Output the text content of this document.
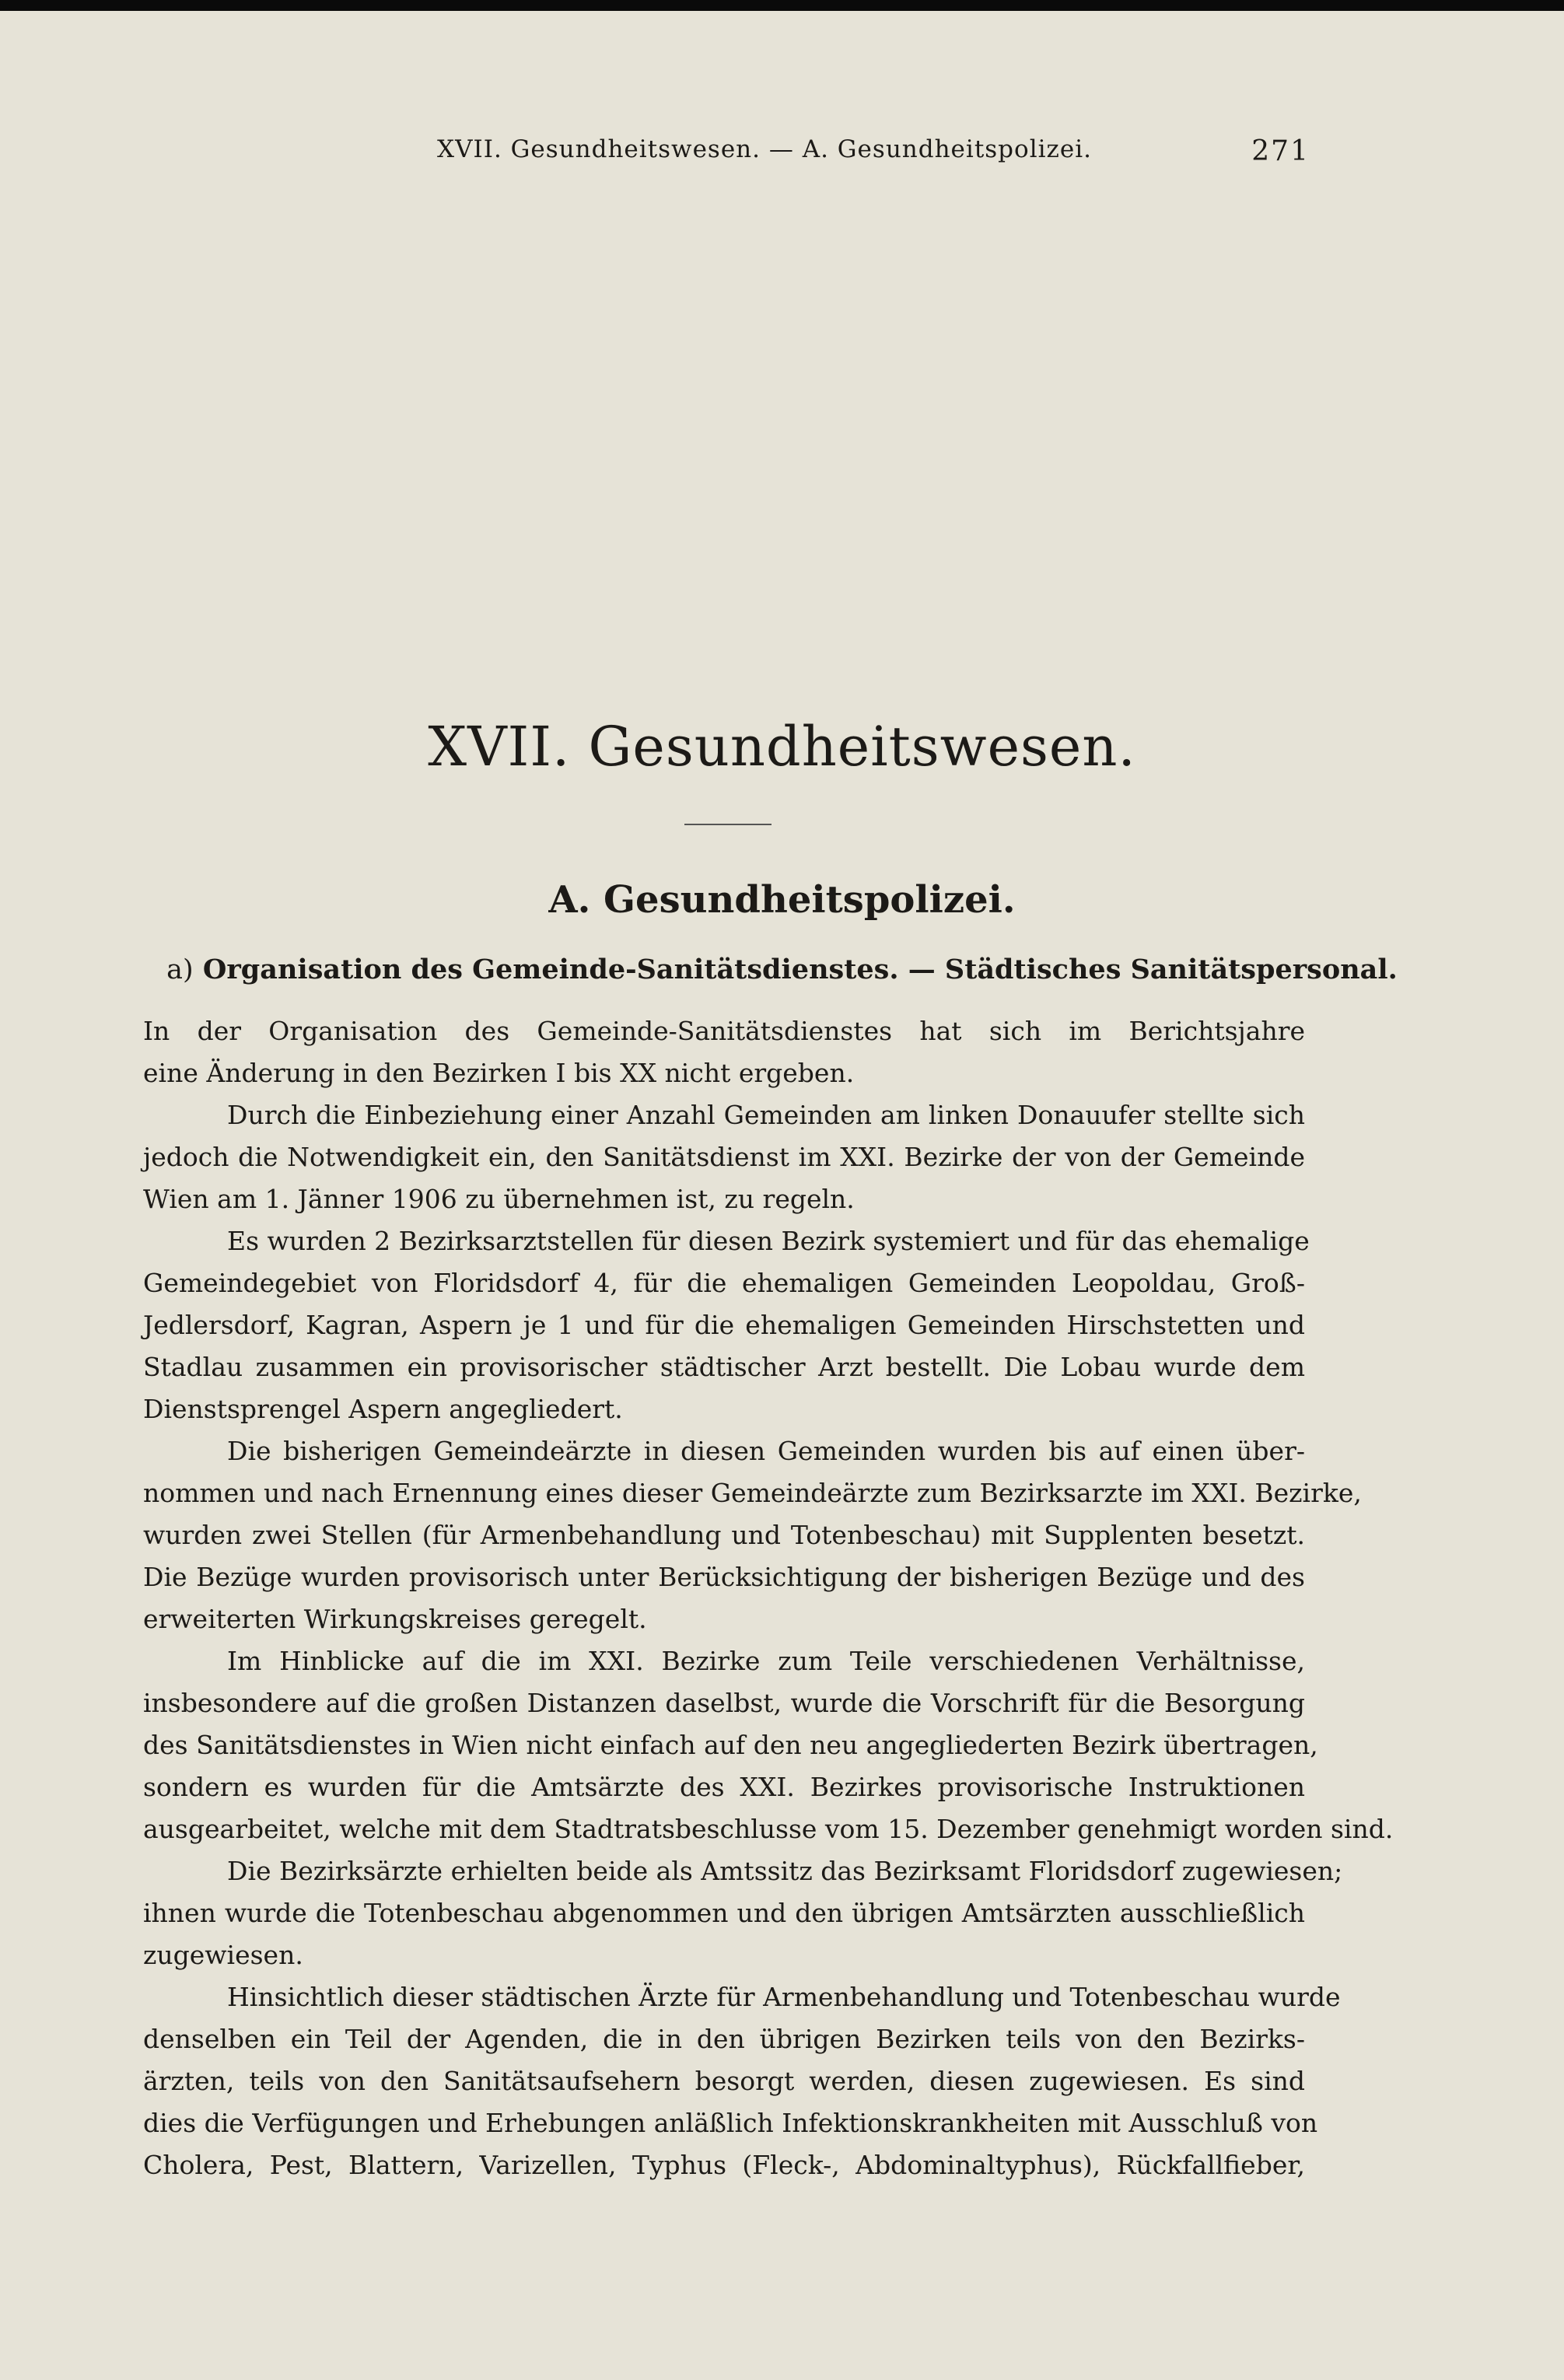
XVII. Gesundheitswesen. — A. Gesundheitspolizei.	271
XVII. Gesundheitswesen.
A. Gesundheitspolizei.
a) Organisation des Gemeinde-Sanitätsdienstes. — Städtisches Sanitätspersonal.
In der Organisation des Gemeinde-Sanitätsdienstes hat sich im Berichtsjahre
eine Änderung in den Bezirken I bis XX nicht ergeben.
Durch die Einbeziehung einer Anzahl Gemeinden am linken Donauufer stellte sich
jedoch die Notwendigkeit ein, den Sanitätsdienst im XXI. Bezirke der von der Gemeinde
Wien am 1. Jänner 1906 zu übernehmen ist, zu regeln.
Es wurden 2 Bezirksarztstellen für diesen Bezirk systemiert und für das ehemalige
Gemeindegebiet von Floridsdorf 4, für die ehemaligen Gemeinden Leopoldau, Groß-
Jedlersdorf, Kagran, Aspern je 1 und für die ehemaligen Gemeinden Hirschstetten und
Stadlau zusammen ein provisorischer städtischer Arzt bestellt. Die Lobau wurde dem
Dienstsprengel Aspern angegliedert.
Die bisherigen Gemeindeärzte in diesen Gemeinden wurden bis auf einen über-
nommen und nach Ernennung eines dieser Gemeindeärzte zum Bezirksarzte im XXI. Bezirke,
wurden zwei Stellen (für Armenbehandlung und Totenbeschau) mit Supplenten besetzt.
Die Bezüge wurden provisorisch unter Berücksichtigung der bisherigen Bezüge und des
erweiterten Wirkungskreises geregelt.
Im Hinblicke auf die im XXI. Bezirke zum Teile verschiedenen Verhältnisse,
insbesondere auf die großen Distanzen daselbst, wurde die Vorschrift für die Besorgung
des Sanitätsdienstes in Wien nicht einfach auf den neu angegliederten Bezirk übertragen,
sondern es wurden für die Amtsärzte des XXI. Bezirkes provisorische Instruktionen
ausgearbeitet, welche mit dem Stadtratsbeschlusse vom 15. Dezember genehmigt worden sind.
Die Bezirksärzte erhielten beide als Amtssitz das Bezirksamt Floridsdorf zugewiesen;
ihnen wurde die Totenbeschau abgenommen und den übrigen Amtsärzten ausschließlich
zugewiesen.
Hinsichtlich dieser städtischen Ärzte für Armenbehandlung und Totenbeschau wurde
denselben ein Teil der Agenden, die in den übrigen Bezirken teils von den Bezirks-
ärzten, teils von den Sanitätsaufsehern besorgt werden, diesen zugewiesen. Es sind
dies die Verfügungen und Erhebungen anläßlich Infektionskrankheiten mit Ausschluß von
Cholera, Pest, Blattern, Varizellen, Typhus (Fleck-, Abdominaltyphus), Rückfallfieber,
